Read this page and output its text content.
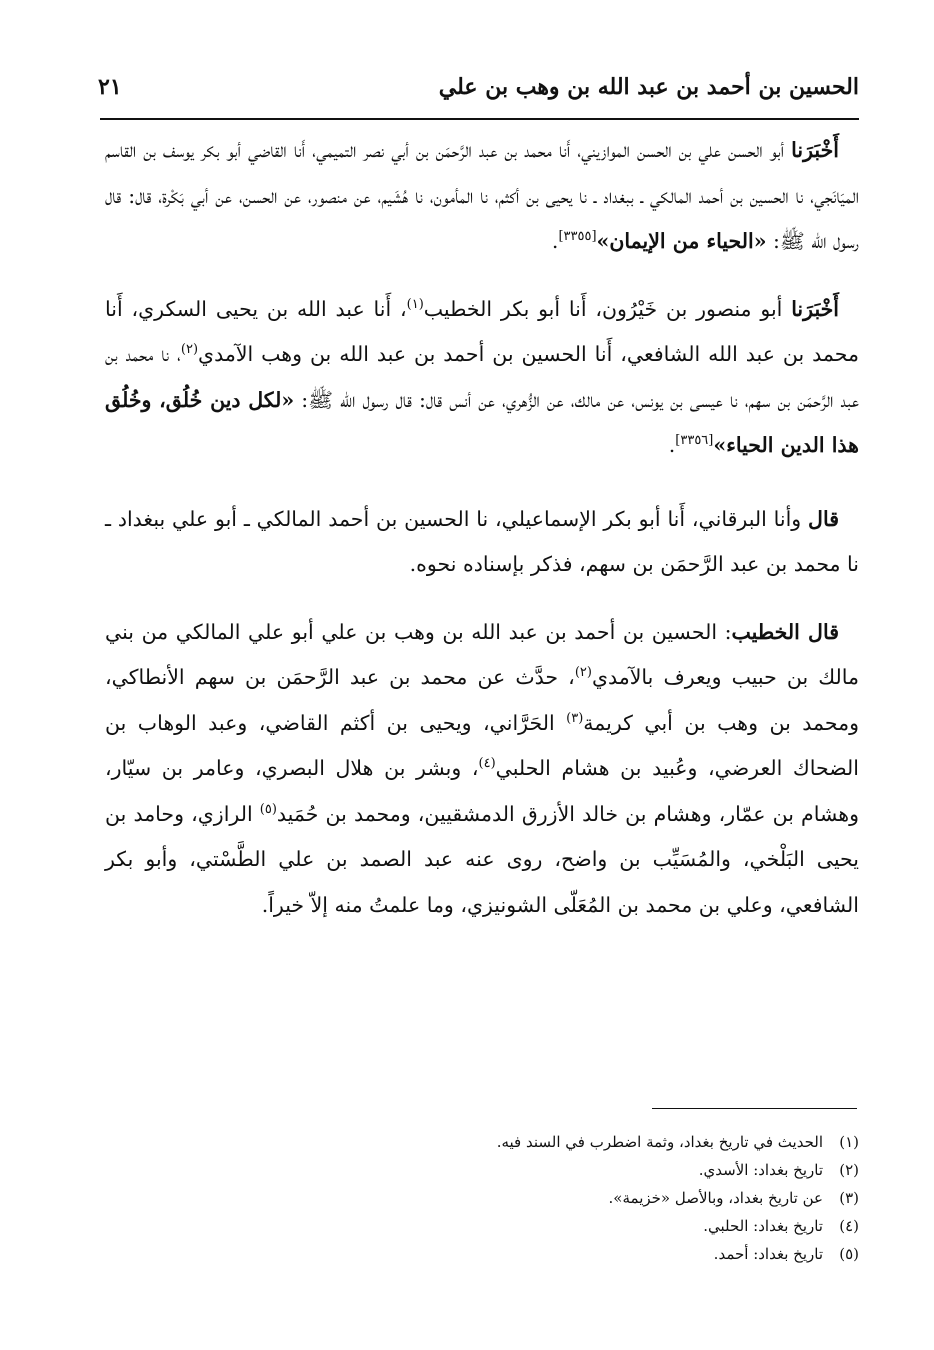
الحسين بن أحمد بن عبد الله بن وهب بن علي
٢١

أَخْبَرَنا أبو الحسن علي بن الحسن الموازيني، أَنا محمد بن عبد الرَّحمَن بن أبي نصر التميمي، أَنا القاضي أبو بكر يوسف بن القاسم الميَانَجي، نا الحسين بن أحمد المالكي ـ ببغداد ـ نا يحيى بن أكثم، نا المأمون، نا هُشَيم، عن منصور، عن الحسن، عن أبي بَكْرة، قال: قال رسول الله ﷺ: «الحياء من الإيمان»[٣٣٥٥].

أَخْبَرَنا أبو منصور بن خَيْرُون، أَنا أبو بكر الخطيب$^{(١)}$، أَنا عبد الله بن يحيى السكري، أَنا محمد بن عبد الله الشافعي، أَنا الحسين بن أحمد بن عبد الله بن وهب الآمدي$^{(٢)}$، نا محمد بن عبد الرَّحمَن بن سهم، نا عيسى بن يونس، عن مالك، عن الزُّهري، عن أنس قال: قال رسول الله ﷺ: «لكل دين خُلُق، وخُلُق هذا الدين الحياء»[٣٣٥٦].

قال وأنا البرقاني، أَنا أبو بكر الإسماعيلي، نا الحسين بن أحمد المالكي ـ أبو علي ببغداد ـ نا محمد بن عبد الرَّحمَن بن سهم، فذكر بإسناده نحوه.

قال الخطيب: الحسين بن أحمد بن عبد الله بن وهب بن علي أبو علي المالكي من بني مالك بن حبيب ويعرف بالآمدي$^{(٢)}$، حدَّث عن محمد بن عبد الرَّحمَن بن سهم الأنطاكي، ومحمد بن وهب بن أبي كريمة$^{(٣)}$ الحَرَّاني، ويحيى بن أكثم القاضي، وعبد الوهاب بن الضحاك العرضي، وعُبيد بن هشام الحلبي$^{(٤)}$، وبشر بن هلال البصري، وعامر بن سيّار، وهشام بن عمّار، وهشام بن خالد الأزرق الدمشقيين، ومحمد بن حُمَيد$^{(٥)}$ الرازي، وحامد بن يحيى البَلْخي، والمُسَيِّب بن واضح، روى عنه عبد الصمد بن علي الطَّسْتي، وأبو بكر الشافعي، وعلي بن محمد بن المُعَلّى الشونيزي، وما علمتُ منه إلاّ خيراً.

(١)الحديث في تاريخ بغداد، وثمة اضطرب في السند فيه.
(٢)تاريخ بغداد: الأسدي.
(٣)عن تاريخ بغداد، وبالأصل «خزيمة».
(٤)تاريخ بغداد: الحلبي.
(٥)تاريخ بغداد: أحمد.
